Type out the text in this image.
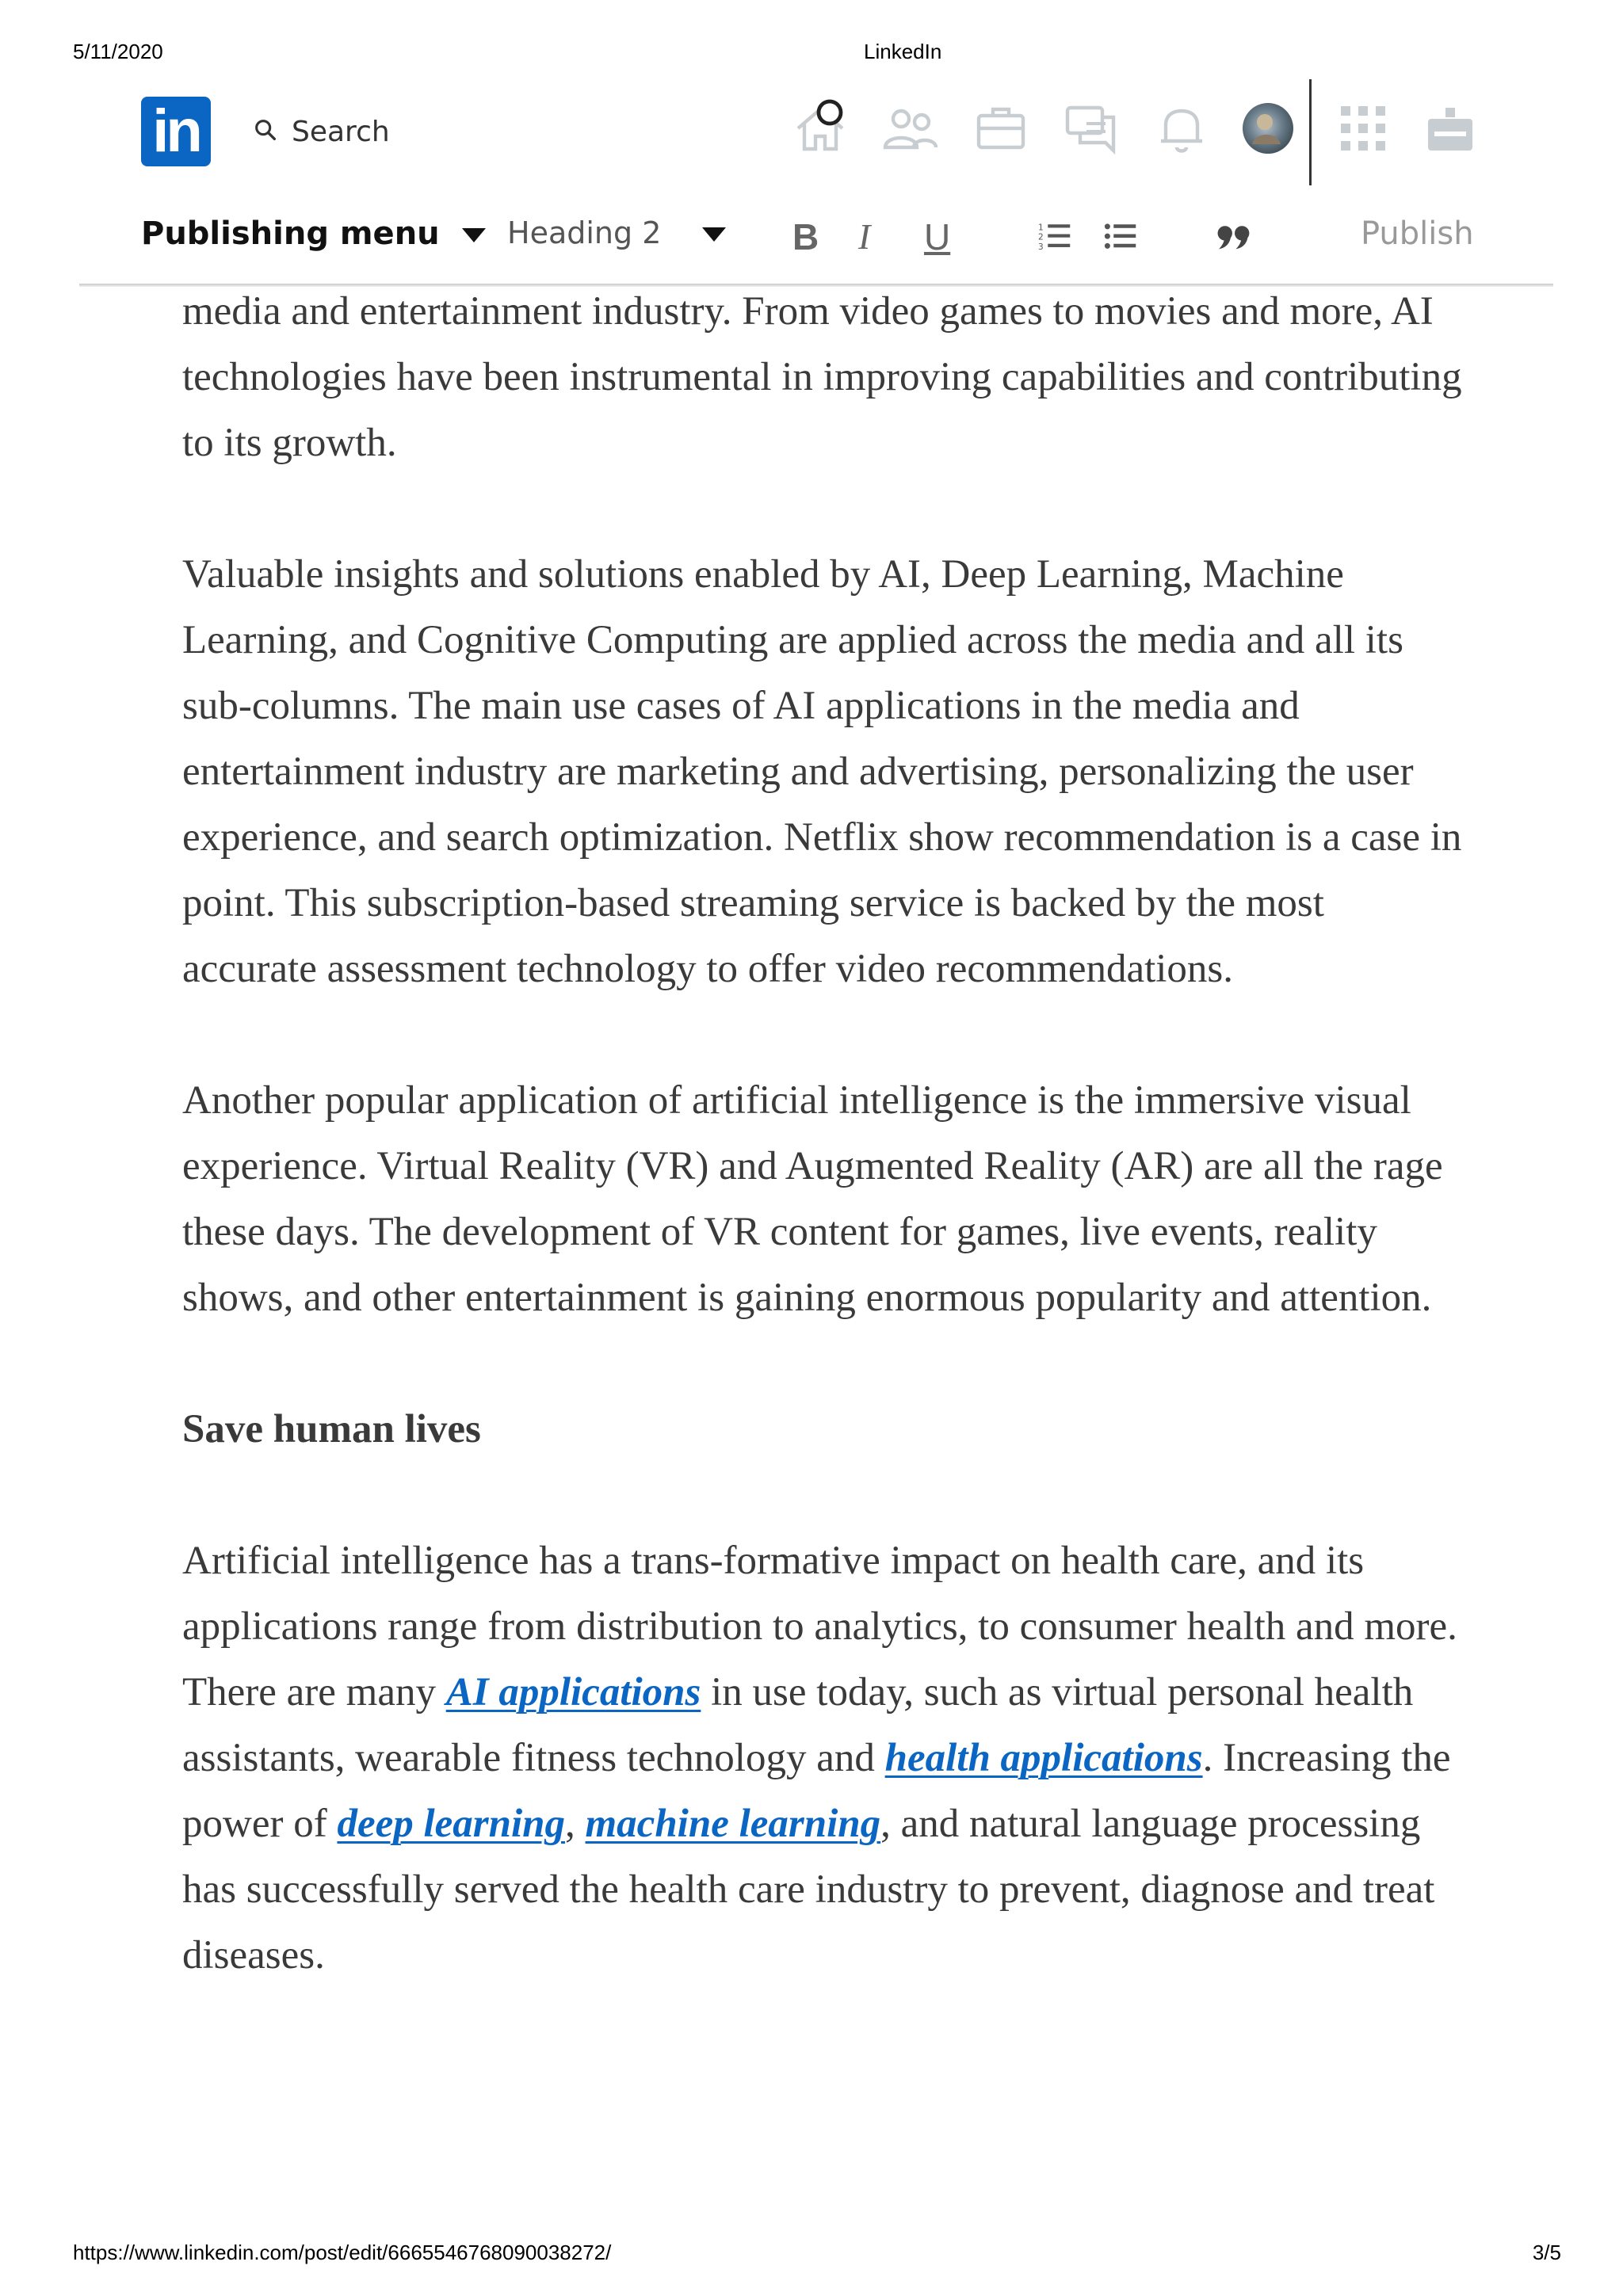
5/11/2020	LinkedIn
in	Search
Publishing menu Heading 2	B I U	1
2
3	Publish

media and entertainment industry. From video games to movies and more, AI technologies have been instrumental in improving capabilities and contributing to its growth.

Valuable insights and solutions enabled by AI, Deep Learning, Machine Learning, and Cognitive Computing are applied across the media and all its sub-columns. The main use cases of AI applications in the media and entertainment industry are marketing and advertising, personalizing the user experience, and search optimization. Netflix show recommendation is a case in point. This subscription-based streaming service is backed by the most accurate assessment technology to offer video recommendations.

Another popular application of artificial intelligence is the immersive visual experience. Virtual Reality (VR) and Augmented Reality (AR) are all the rage these days. The development of VR content for games, live events, reality shows, and other entertainment is gaining enormous popularity and attention.

Save human lives

Artificial intelligence has a trans-formative impact on health care, and its applications range from distribution to analytics, to consumer health and more. There are many AI applications in use today, such as virtual personal health assistants, wearable fitness technology and health applications. Increasing the power of deep learning, machine learning, and natural language processing has successfully served the health care industry to prevent, diagnose and treat diseases.

https://www.linkedin.com/post/edit/6665546768090038272/	3/5
